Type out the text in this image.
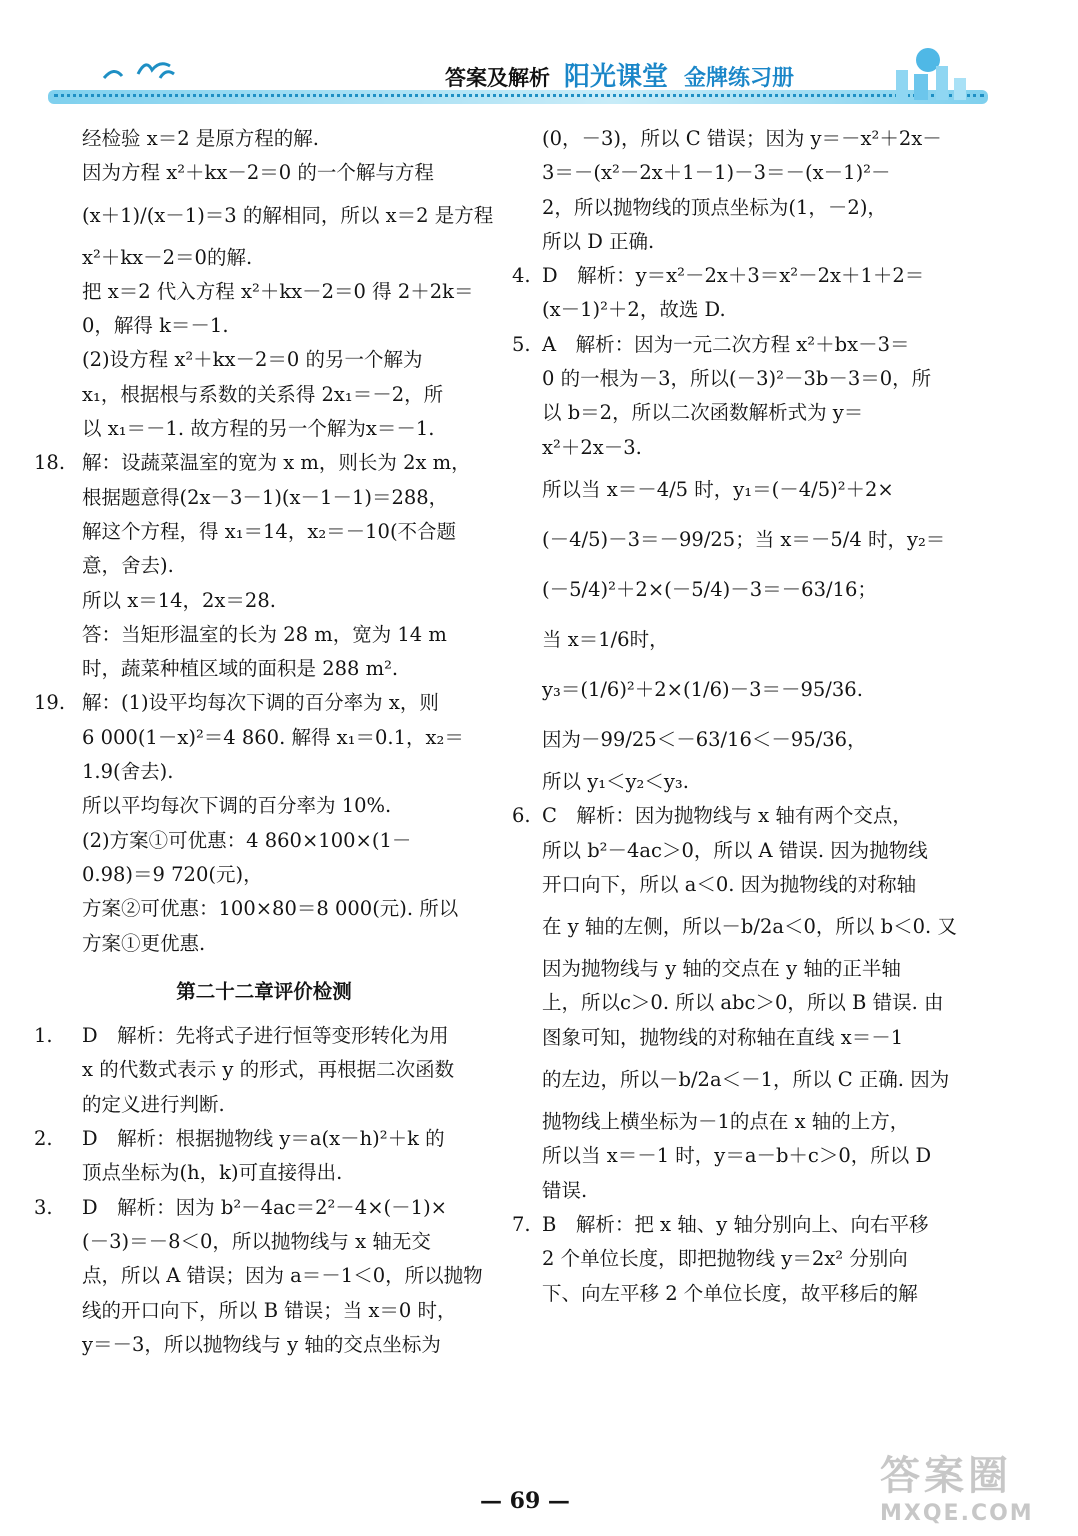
答案及解析 阳光课堂 金牌练习册

经检验 x＝2 是原方程的解.

因为方程 x²＋kx－2＝0 的一个解与方程

(x＋1)/(x－1)＝3 的解相同，所以 x＝2 是方程

x²＋kx－2＝0的解.

把 x＝2 代入方程 x²＋kx－2＝0 得 2＋2k＝

0，解得 k＝－1.

(2)设方程 x²＋kx－2＝0 的另一个解为

x₁，根据根与系数的关系得 2x₁＝－2，所

以 x₁＝－1. 故方程的另一个解为x＝－1.

18. 解：设蔬菜温室的宽为 x m，则长为 2x m，

根据题意得(2x－3－1)(x－1－1)＝288，

解这个方程，得 x₁＝14，x₂＝－10(不合题

意，舍去).

所以 x＝14，2x＝28.

答：当矩形温室的长为 28 m，宽为 14 m

时，蔬菜种植区域的面积是 288 m².

19. 解：(1)设平均每次下调的百分率为 x，则

6 000(1－x)²＝4 860. 解得 x₁＝0.1，x₂＝

1.9(舍去).

所以平均每次下调的百分率为 10%.

(2)方案①可优惠：4 860×100×(1－

0.98)＝9 720(元)，

方案②可优惠：100×80＝8 000(元). 所以

方案①更优惠.

第二十二章评价检测

1. D　解析：先将式子进行恒等变形转化为用

x 的代数式表示 y 的形式，再根据二次函数

的定义进行判断.

2. D　解析：根据抛物线 y＝a(x－h)²＋k 的

顶点坐标为(h，k)可直接得出.

3. D　解析：因为 b²－4ac＝2²－4×(－1)×

(－3)＝－8＜0，所以抛物线与 x 轴无交

点，所以 A 错误；因为 a＝－1＜0，所以抛物

线的开口向下，所以 B 错误；当 x＝0 时，

y＝－3，所以抛物线与 y 轴的交点坐标为

(0，－3)，所以 C 错误；因为 y＝－x²＋2x－

3＝－(x²－2x＋1－1)－3＝－(x－1)²－

2，所以抛物线的顶点坐标为(1，－2)，

所以 D 正确.

4. D　解析：y＝x²－2x＋3＝x²－2x＋1＋2＝

(x－1)²＋2，故选 D.

5. A　解析：因为一元二次方程 x²＋bx－3＝

0 的一根为－3，所以(－3)²－3b－3＝0，所

以 b＝2，所以二次函数解析式为 y＝

x²＋2x－3.

所以当 x＝－4/5 时，y₁＝(－4/5)²＋2×

(－4/5)－3＝－99/25；当 x＝－5/4 时，y₂＝

(－5/4)²＋2×(－5/4)－3＝－63/16；

当 x＝1/6时，

y₃＝(1/6)²＋2×(1/6)－3＝－95/36.

因为－99/25＜－63/16＜－95/36，

所以 y₁＜y₂＜y₃.

6. C　解析：因为抛物线与 x 轴有两个交点，

所以 b²－4ac＞0，所以 A 错误. 因为抛物线

开口向下，所以 a＜0. 因为抛物线的对称轴

在 y 轴的左侧，所以－b/2a＜0，所以 b＜0. 又

因为抛物线与 y 轴的交点在 y 轴的正半轴

上，所以c＞0. 所以 abc＞0，所以 B 错误. 由

图象可知，抛物线的对称轴在直线 x＝－1

的左边，所以－b/2a＜－1，所以 C 正确. 因为

抛物线上横坐标为－1的点在 x 轴的上方，

所以当 x＝－1 时，y＝a－b＋c＞0，所以 D

错误.

7. B　解析：把 x 轴、y 轴分别向上、向右平移

2 个单位长度，即把抛物线 y＝2x² 分别向

下、向左平移 2 个单位长度，故平移后的解

— 69 —
答案圈
MXQE.COM
